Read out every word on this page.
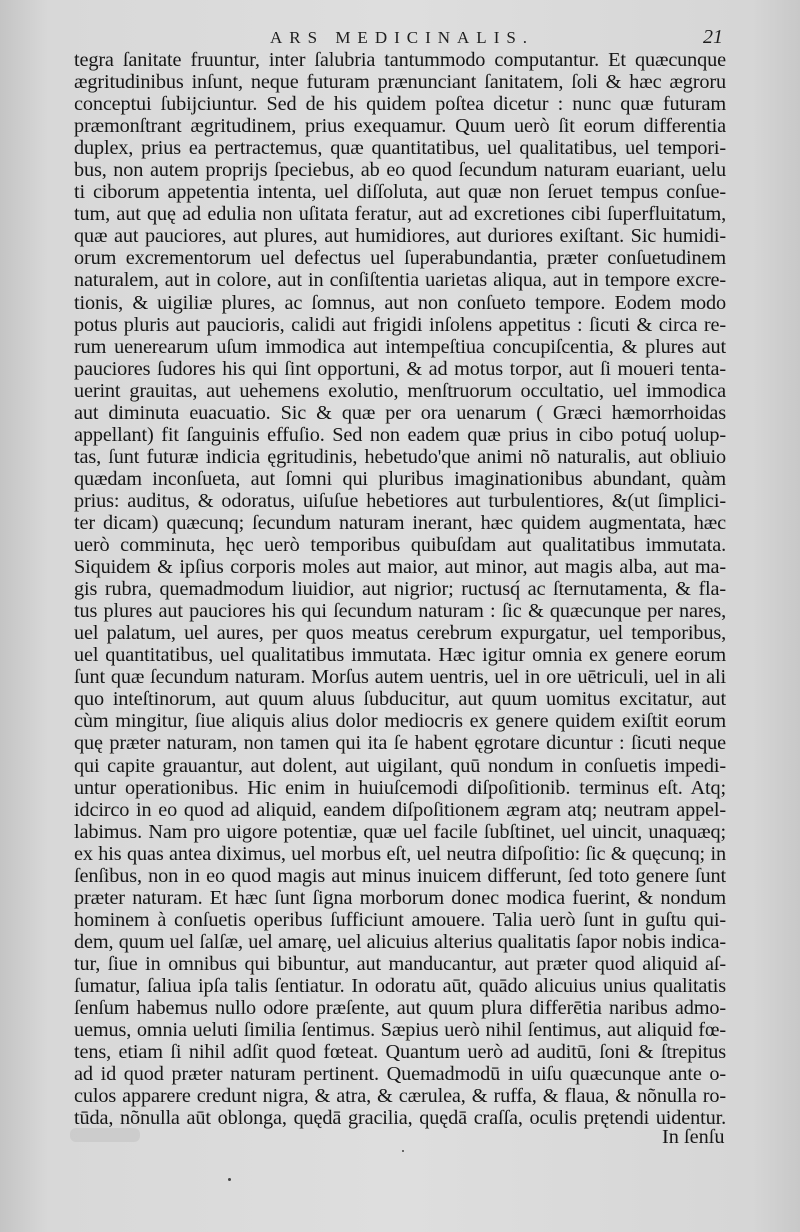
ARS MEDICINALIS.	21
tegra ſanitate fruuntur, inter ſalubria tantummodo computantur. Et quæcunque
ægritudinibus inſunt, neque futuram prænunciant ſanitatem, ſoli & hæc ægroru
conceptui ſubijciuntur. Sed de his quidem poſtea dicetur : nunc quæ futuram
præmonſtrant ægritudinem, prius exequamur. Quum uerò ſit eorum differentia
duplex, prius ea pertractemus, quæ quantitatibus, uel qualitatibus, uel tempori-
bus, non autem proprijs ſpeciebus, ab eo quod ſecundum naturam euariant, uelu
ti ciborum appetentia intenta, uel diſſoluta, aut quæ non ſeruet tempus conſue-
tum, aut quę ad edulia non uſitata feratur, aut ad excretiones cibi ſuperfluitatum,
quæ aut pauciores, aut plures, aut humidiores, aut duriores exiſtant. Sic humidi-
orum excrementorum uel defectus uel ſuperabundantia, præter conſuetudinem
naturalem, aut in colore, aut in conſiſtentia uarietas aliqua, aut in tempore excre-
tionis, & uigiliæ plures, ac ſomnus, aut non conſueto tempore. Eodem modo
potus pluris aut paucioris, calidi aut frigidi inſolens appetitus : ſicuti & circa re-
rum uenerearum uſum immodica aut intempeſtiua concupiſcentia, & plures aut
pauciores ſudores his qui ſint opportuni, & ad motus torpor, aut ſi moueri tenta-
uerint grauitas, aut uehemens exolutio, menſtruorum occultatio, uel immodica
aut diminuta euacuatio. Sic & quæ per ora uenarum ( Græci hæmorrhoidas
appellant) fit ſanguinis effuſio. Sed non eadem quæ prius in cibo potuq́ uolup-
tas, ſunt futuræ indicia ęgritudinis, hebetudo'que animi nõ naturalis, aut obliuio
quædam inconſueta, aut ſomni qui pluribus imaginationibus abundant, quàm
prius: auditus, & odoratus, uiſuſue hebetiores aut turbulentiores, &(ut ſimplici-
ter dicam) quæcunq; ſecundum naturam inerant, hæc quidem augmentata, hæc
uerò comminuta, hęc uerò temporibus quibuſdam aut qualitatibus immutata.
Siquidem & ipſius corporis moles aut maior, aut minor, aut magis alba, aut ma-
gis rubra, quemadmodum liuidior, aut nigrior; ructusq́ ac ſternutamenta, & fla-
tus plures aut pauciores his qui ſecundum naturam : ſic & quæcunque per nares,
uel palatum, uel aures, per quos meatus cerebrum expurgatur, uel temporibus,
uel quantitatibus, uel qualitatibus immutata. Hæc igitur omnia ex genere eorum
ſunt quæ ſecundum naturam. Morſus autem uentris, uel in ore uētriculi, uel in ali
quo inteſtinorum, aut quum aluus ſubducitur, aut quum uomitus excitatur, aut
cùm mingitur, ſiue aliquis alius dolor mediocris ex genere quidem exiſtit eorum
quę præter naturam, non tamen qui ita ſe habent ęgrotare dicuntur : ſicuti neque
qui capite grauantur, aut dolent, aut uigilant, quū nondum in conſuetis impedi-
untur operationibus. Hic enim in huiuſcemodi diſpoſitionib. terminus eſt. Atq;
idcirco in eo quod ad aliquid, eandem diſpoſitionem ægram atq; neutram appel-
labimus. Nam pro uigore potentiæ, quæ uel facile ſubſtinet, uel uincit, unaquæq;
ex his quas antea diximus, uel morbus eſt, uel neutra diſpoſitio: ſic & quęcunq; in
ſenſibus, non in eo quod magis aut minus inuicem differunt, ſed toto genere ſunt
præter naturam. Et hæc ſunt ſigna morborum donec modica fuerint, & nondum
hominem à conſuetis operibus ſufficiunt amouere. Talia uerò ſunt in guſtu qui-
dem, quum uel ſalſæ, uel amarę, uel alicuius alterius qualitatis ſapor nobis indica-
tur, ſiue in omnibus qui bibuntur, aut manducantur, aut præter quod aliquid aſ-
ſumatur, ſaliua ipſa talis ſentiatur. In odoratu aūt, quādo alicuius unius qualitatis
ſenſum habemus nullo odore præſente, aut quum plura differētia naribus admo-
uemus, omnia ueluti ſimilia ſentimus. Sæpius uerò nihil ſentimus, aut aliquid fœ-
tens, etiam ſi nihil adſit quod fœteat. Quantum uerò ad auditū, ſoni & ſtrepitus
ad id quod præter naturam pertinent. Quemadmodū in uiſu quæcunque ante o-
culos apparere credunt nigra, & atra, & cærulea, & ruffa, & flaua, & nõnulla ro-
tūda, nõnulla aūt oblonga, quędā gracilia, quędā craſſa, oculis prętendi uidentur.
In ſenſu
